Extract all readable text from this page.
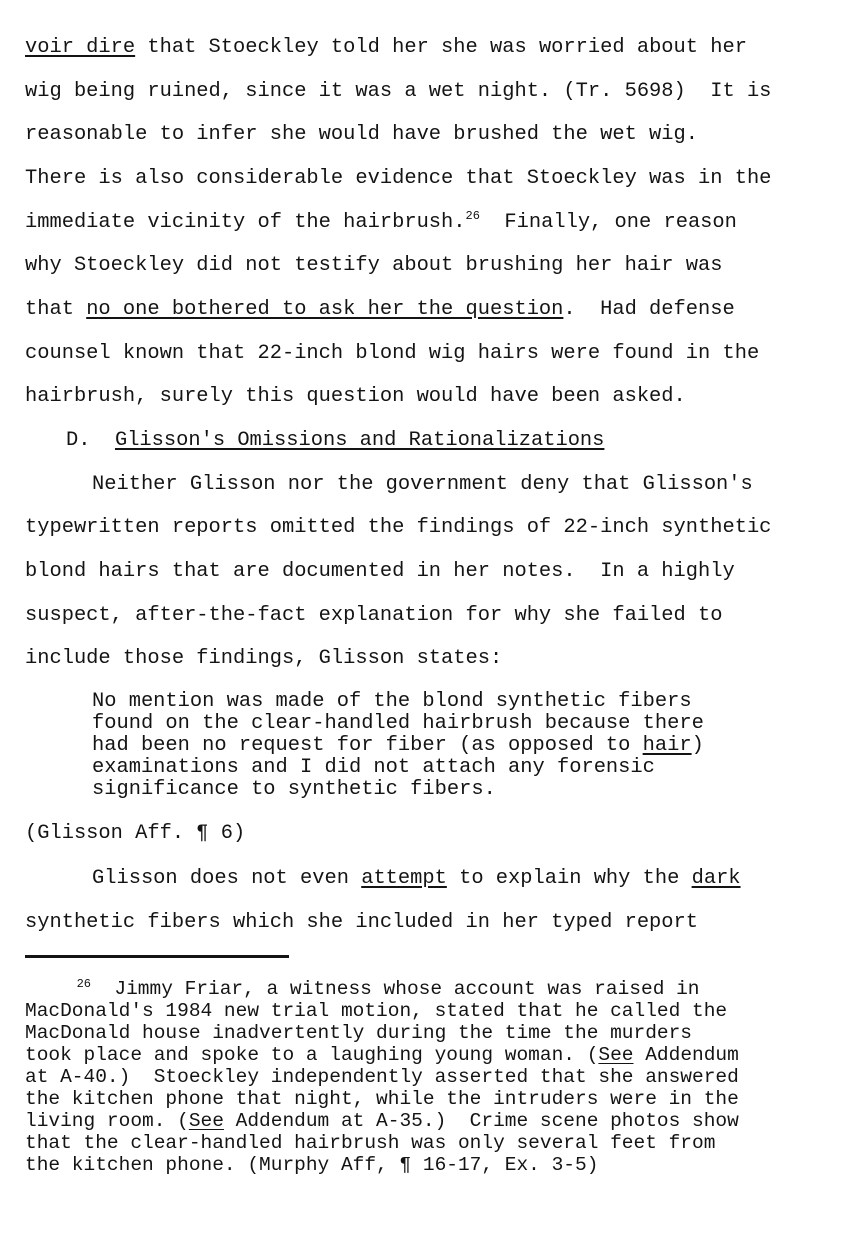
voir dire that Stoeckley told her she was worried about her
wig being ruined, since it was a wet night. (Tr. 5698)  It is
reasonable to infer she would have brushed the wet wig.
There is also considerable evidence that Stoeckley was in the
immediate vicinity of the hairbrush.$^{26}$  Finally, one reason
why Stoeckley did not testify about brushing her hair was
that no one bothered to ask her the question.  Had defense
counsel known that 22-inch blond wig hairs were found in the
hairbrush, surely this question would have been asked.
D.  Glisson's Omissions and Rationalizations
Neither Glisson nor the government deny that Glisson's
typewritten reports omitted the findings of 22-inch synthetic
blond hairs that are documented in her notes.  In a highly
suspect, after-the-fact explanation for why she failed to
include those findings, Glisson states:
No mention was made of the blond synthetic fibers
found on the clear-handled hairbrush because there
had been no request for fiber (as opposed to hair)
examinations and I did not attach any forensic
significance to synthetic fibers.
(Glisson Aff. ¶ 6)
Glisson does not even attempt to explain why the dark
synthetic fibers which she included in her typed report
$^{26}$  Jimmy Friar, a witness whose account was raised in
MacDonald's 1984 new trial motion, stated that he called the
MacDonald house inadvertently during the time the murders
took place and spoke to a laughing young woman. (See Addendum
at A-40.)  Stoeckley independently asserted that she answered
the kitchen phone that night, while the intruders were in the
living room. (See Addendum at A-35.)  Crime scene photos show
that the clear-handled hairbrush was only several feet from
the kitchen phone. (Murphy Aff, ¶ 16-17, Ex. 3-5)
